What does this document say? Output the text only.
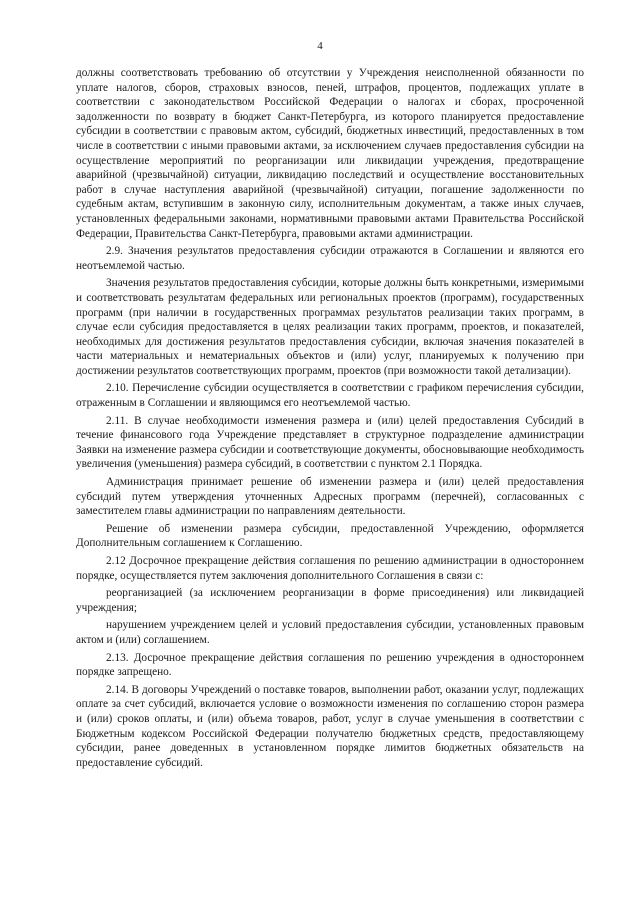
4

должны соответствовать требованию об отсутствии у Учреждения неисполненной обязанности по уплате налогов, сборов, страховых взносов, пеней, штрафов, процентов, подлежащих уплате в соответствии с законодательством Российской Федерации о налогах и сборах, просроченной задолженности по возврату в бюджет Санкт-Петербурга, из которого планируется предоставление субсидии в соответствии с правовым актом, субсидий, бюджетных инвестиций, предоставленных в том числе в соответствии с иными правовыми актами, за исключением случаев предоставления субсидии на осуществление мероприятий по реорганизации или ликвидации учреждения, предотвращение аварийной (чрезвычайной) ситуации, ликвидацию последствий и осуществление восстановительных работ в случае наступления аварийной (чрезвычайной) ситуации, погашение задолженности по судебным актам, вступившим в законную силу, исполнительным документам, а также иных случаев, установленных федеральными законами, нормативными правовыми актами Правительства Российской Федерации, Правительства Санкт-Петербурга, правовыми актами администрации.

2.9. Значения результатов предоставления субсидии отражаются в Соглашении и являются его неотъемлемой частью.

Значения результатов предоставления субсидии, которые должны быть конкретными, измеримыми и соответствовать результатам федеральных или региональных проектов (программ), государственных программ (при наличии в государственных программах результатов реализации таких программ, в случае если субсидия предоставляется в целях реализации таких программ, проектов, и показателей, необходимых для достижения результатов предоставления субсидии, включая значения показателей в части материальных и нематериальных объектов и (или) услуг, планируемых к получению при достижении результатов соответствующих программ, проектов (при возможности такой детализации).

2.10. Перечисление субсидии осуществляется в соответствии с графиком перечисления субсидии, отраженным в Соглашении и являющимся его неотъемлемой частью.

2.11. В случае необходимости изменения размера и (или) целей предоставления Субсидий в течение финансового года Учреждение представляет в структурное подразделение администрации Заявки на изменение размера субсидии и соответствующие документы, обосновывающие необходимость увеличения (уменьшения) размера субсидий, в соответствии с пунктом 2.1 Порядка.

Администрация принимает решение об изменении размера и (или) целей предоставления субсидий путем утверждения уточненных Адресных программ (перечней), согласованных с заместителем главы администрации по направлениям деятельности.

Решение об изменении размера субсидии, предоставленной Учреждению, оформляется Дополнительным соглашением к Соглашению.

2.12 Досрочное прекращение действия соглашения по решению администрации в одностороннем порядке, осуществляется путем заключения дополнительного Соглашения в связи с:

реорганизацией (за исключением реорганизации в форме присоединения) или ликвидацией учреждения;

нарушением учреждением целей и условий предоставления субсидии, установленных правовым актом и (или) соглашением.

2.13. Досрочное прекращение действия соглашения по решению учреждения в одностороннем порядке запрещено.

2.14. В договоры Учреждений о поставке товаров, выполнении работ, оказании услуг, подлежащих оплате за счет субсидий, включается условие о возможности изменения по соглашению сторон размера и (или) сроков оплаты, и (или) объема товаров, работ, услуг в случае уменьшения в соответствии с Бюджетным кодексом Российской Федерации получателю бюджетных средств, предоставляющему субсидии, ранее доведенных в установленном порядке лимитов бюджетных обязательств на предоставление субсидий.
